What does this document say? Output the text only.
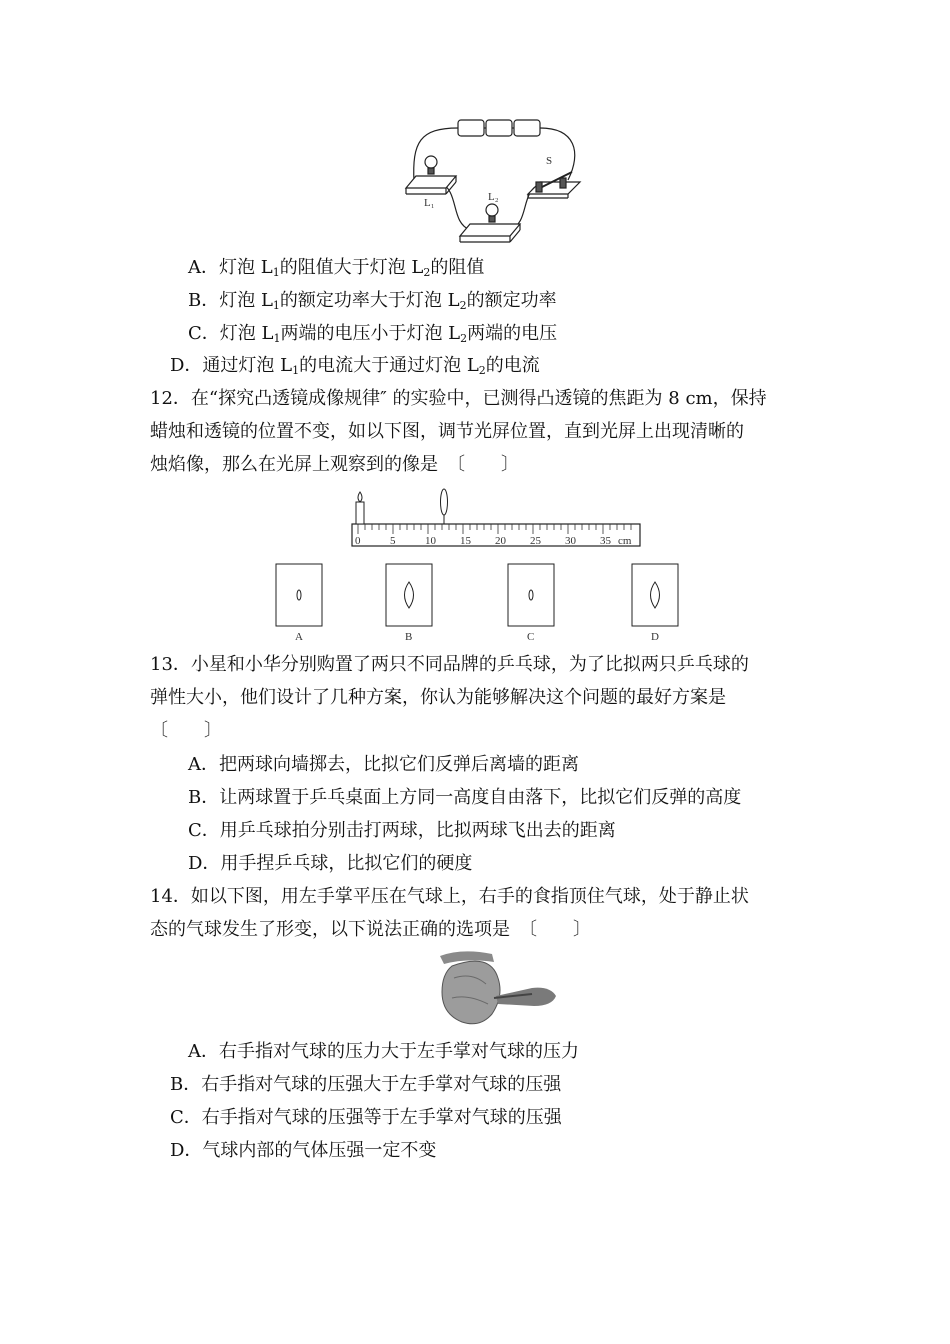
S
L₁	L₂
A．灯泡 $L_1$的阻值大于灯泡 $L_2$的阻值
B．灯泡 $L_1$的额定功率大于灯泡 $L_2$的额定功率
C．灯泡 $L_1$两端的电压小于灯泡 $L_2$两端的电压
D．通过灯泡 $L_1$的电流大于通过灯泡 $L_2$的电流
12．在“探究凸透镜成像规律″ 的实验中，已测得凸透镜的焦距为 8 cm，保持
蜡烛和透镜的位置不变，如以下图，调节光屏位置，直到光屏上出现清晰的
烛焰像，那么在光屏上观察到的像是　〔　　〕
0	5	10 15 20 25 30 35 cm
A	B	C	D
13．小星和小华分别购置了两只不同品牌的乒乓球，为了比拟两只乒乓球的
弹性大小，他们设计了几种方案，你认为能够解决这个问题的最好方案是
〔　　〕
A．把两球向墙掷去，比拟它们反弹后离墙的距离
B．让两球置于乒乓桌面上方同一高度自由落下，比拟它们反弹的高度
C．用乒乓球拍分别击打两球，比拟两球飞出去的距离
D．用手捏乒乓球，比拟它们的硬度
14．如以下图，用左手掌平压在气球上，右手的食指顶住气球，处于静止状
态的气球发生了形变，以下说法正确的选项是　〔　　〕
A．右手指对气球的压力大于左手掌对气球的压力
B．右手指对气球的压强大于左手掌对气球的压强
C．右手指对气球的压强等于左手掌对气球的压强
D．气球内部的气体压强一定不变
